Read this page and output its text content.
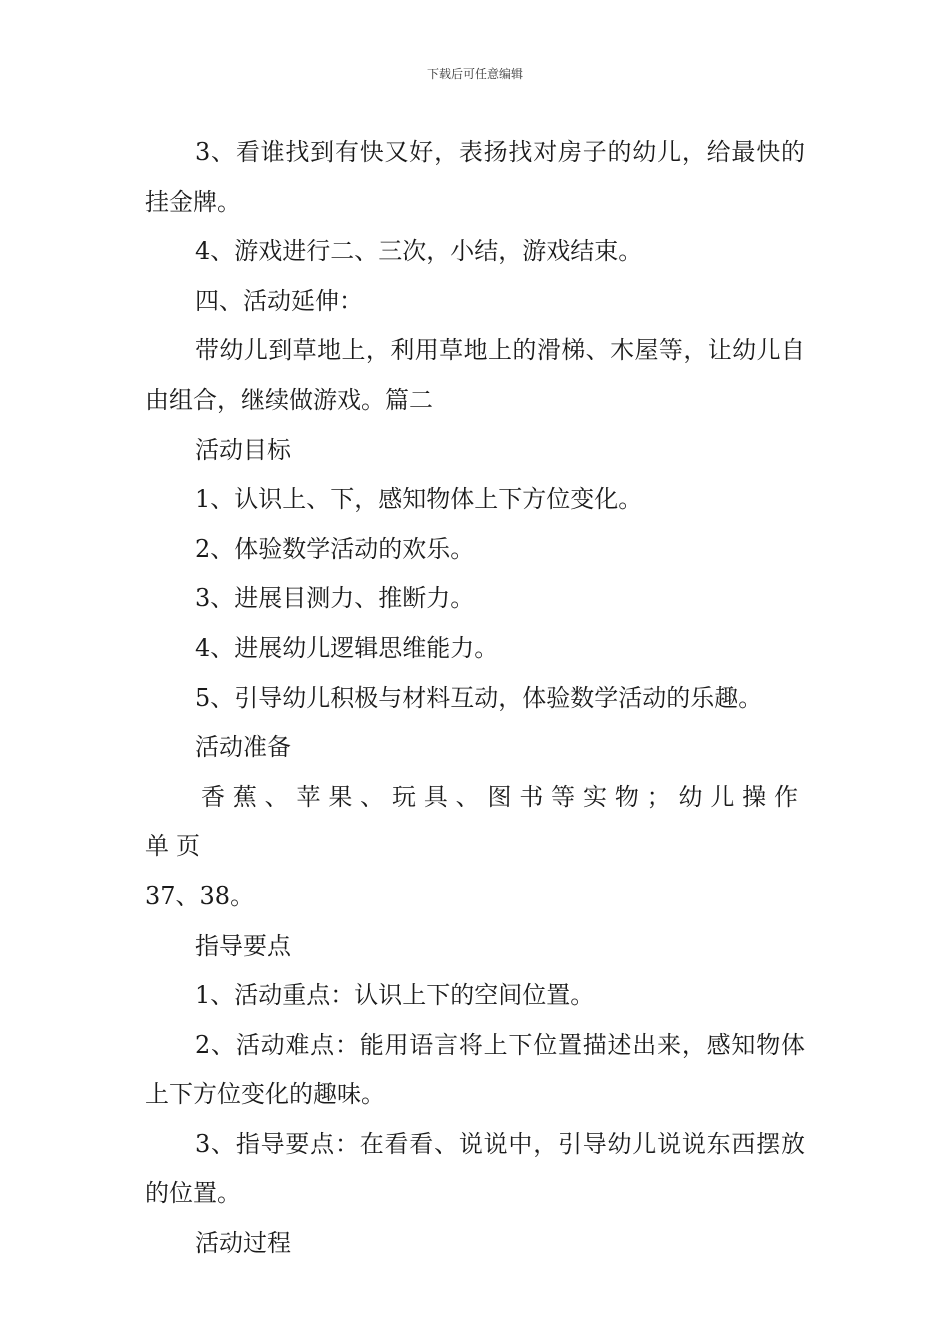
下载后可任意编辑

3、看谁找到有快又好，表扬找对房子的幼儿，给最快的挂金牌。

4、游戏进行二、三次，小结，游戏结束。

四、活动延伸：

带幼儿到草地上，利用草地上的滑梯、木屋等，让幼儿自由组合，继续做游戏。篇二

活动目标

1、认识上、下，感知物体上下方位变化。

2、体验数学活动的欢乐。

3、进展目测力、推断力。

4、进展幼儿逻辑思维能力。

5、引导幼儿积极与材料互动，体验数学活动的乐趣。

活动准备

香蕉、苹果、玩具、图书等实物；幼儿操作单页

37、38。

指导要点

1、活动重点：认识上下的空间位置。

2、活动难点：能用语言将上下位置描述出来，感知物体上下方位变化的趣味。

3、指导要点：在看看、说说中，引导幼儿说说东西摆放的位置。

活动过程
